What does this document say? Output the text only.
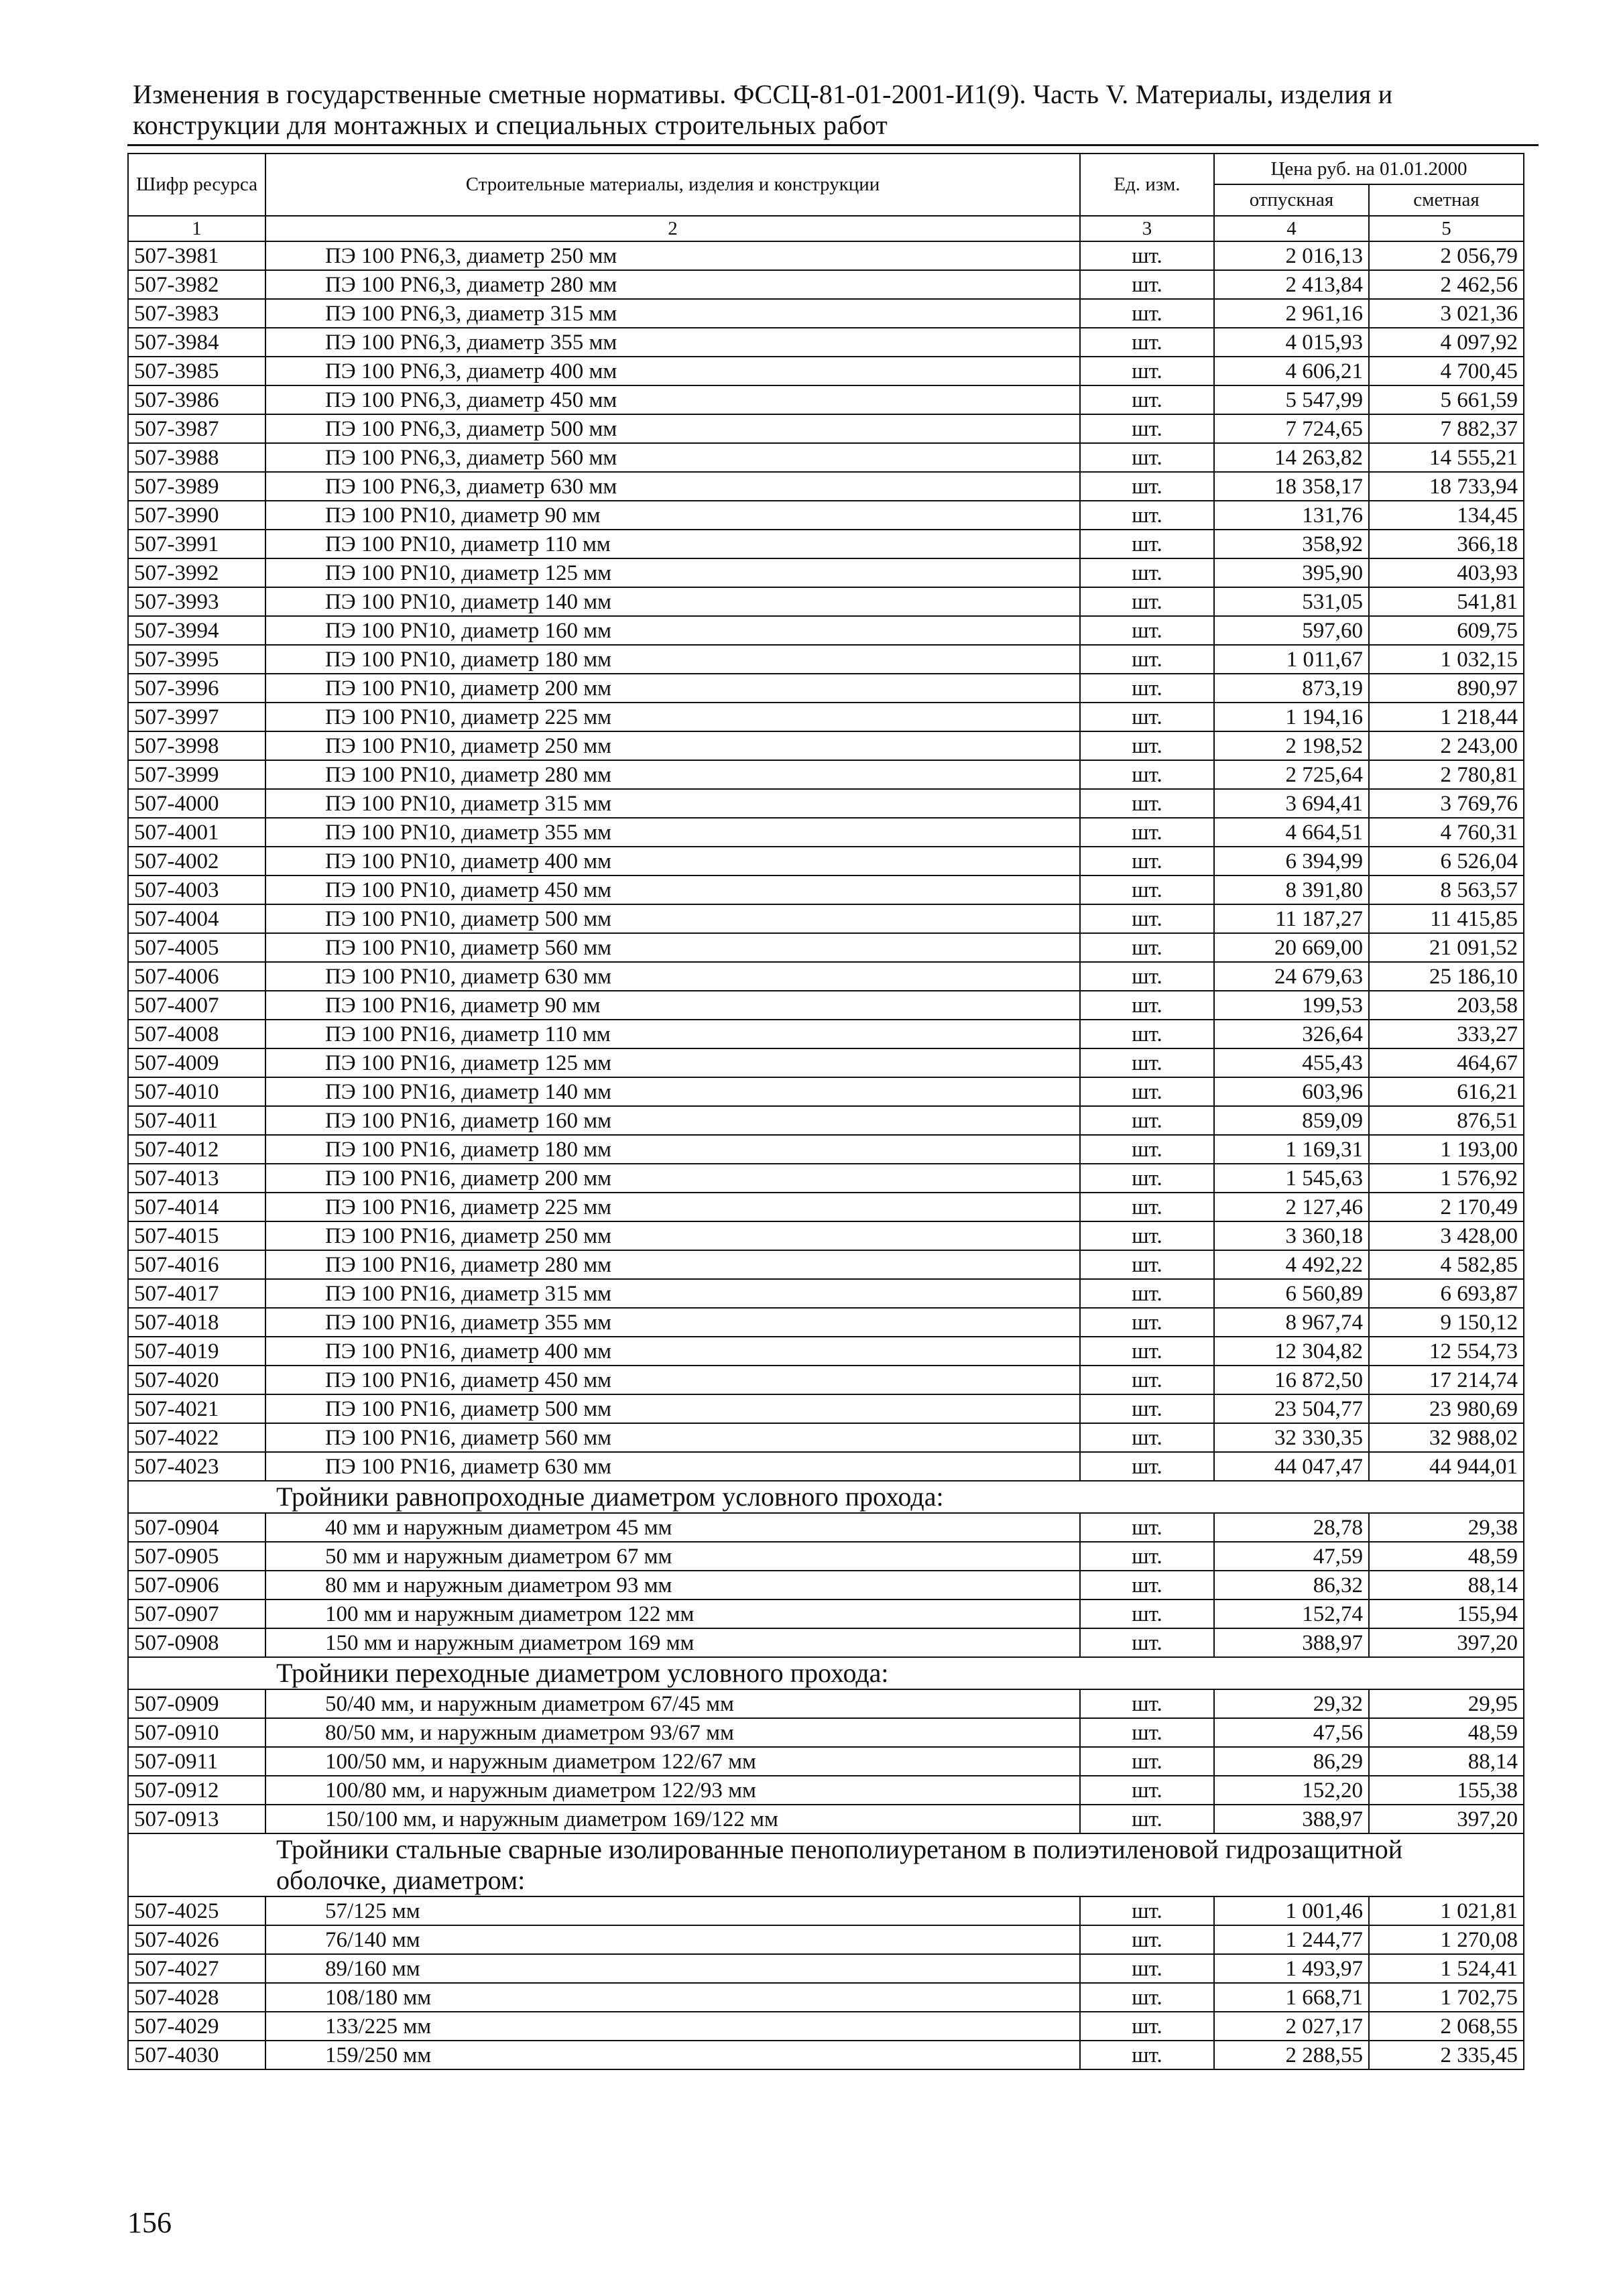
Изменения в государственные сметные нормативы. ФССЦ-81-01-2001-И1(9). Часть V. Материалы, изделия и
конструкции для монтажных и специальных строительных работ
Шифр ресурса	Строительные материалы, изделия и конструкции	Ед. изм.	Цена руб. на 01.01.2000	
			отпускная	сметная
1	2	3	4	5
507-3981	ПЭ 100 PN6,3, диаметр 250 мм	шт.	2 016,13	2 056,79
507-3982	ПЭ 100 PN6,3, диаметр 280 мм	шт.	2 413,84	2 462,56
507-3983	ПЭ 100 PN6,3, диаметр 315 мм	шт.	2 961,16	3 021,36
507-3984	ПЭ 100 PN6,3, диаметр 355 мм	шт.	4 015,93	4 097,92
507-3985	ПЭ 100 PN6,3, диаметр 400 мм	шт.	4 606,21	4 700,45
507-3986	ПЭ 100 PN6,3, диаметр 450 мм	шт.	5 547,99	5 661,59
507-3987	ПЭ 100 PN6,3, диаметр 500 мм	шт.	7 724,65	7 882,37
507-3988	ПЭ 100 PN6,3, диаметр 560 мм	шт.	14 263,82	14 555,21
507-3989	ПЭ 100 PN6,3, диаметр 630 мм	шт.	18 358,17	18 733,94
507-3990	ПЭ 100 PN10, диаметр 90 мм	шт.	131,76	134,45
507-3991	ПЭ 100 PN10, диаметр 110 мм	шт.	358,92	366,18
507-3992	ПЭ 100 PN10, диаметр 125 мм	шт.	395,90	403,93
507-3993	ПЭ 100 PN10, диаметр 140 мм	шт.	531,05	541,81
507-3994	ПЭ 100 PN10, диаметр 160 мм	шт.	597,60	609,75
507-3995	ПЭ 100 PN10, диаметр 180 мм	шт.	1 011,67	1 032,15
507-3996	ПЭ 100 PN10, диаметр 200 мм	шт.	873,19	890,97
507-3997	ПЭ 100 PN10, диаметр 225 мм	шт.	1 194,16	1 218,44
507-3998	ПЭ 100 PN10, диаметр 250 мм	шт.	2 198,52	2 243,00
507-3999	ПЭ 100 PN10, диаметр 280 мм	шт.	2 725,64	2 780,81
507-4000	ПЭ 100 PN10, диаметр 315 мм	шт.	3 694,41	3 769,76
507-4001	ПЭ 100 PN10, диаметр 355 мм	шт.	4 664,51	4 760,31
507-4002	ПЭ 100 PN10, диаметр 400 мм	шт.	6 394,99	6 526,04
507-4003	ПЭ 100 PN10, диаметр 450 мм	шт.	8 391,80	8 563,57
507-4004	ПЭ 100 PN10, диаметр 500 мм	шт.	11 187,27	11 415,85
507-4005	ПЭ 100 PN10, диаметр 560 мм	шт.	20 669,00	21 091,52
507-4006	ПЭ 100 PN10, диаметр 630 мм	шт.	24 679,63	25 186,10
507-4007	ПЭ 100 PN16, диаметр 90 мм	шт.	199,53	203,58
507-4008	ПЭ 100 PN16, диаметр 110 мм	шт.	326,64	333,27
507-4009	ПЭ 100 PN16, диаметр 125 мм	шт.	455,43	464,67
507-4010	ПЭ 100 PN16, диаметр 140 мм	шт.	603,96	616,21
507-4011	ПЭ 100 PN16, диаметр 160 мм	шт.	859,09	876,51
507-4012	ПЭ 100 PN16, диаметр 180 мм	шт.	1 169,31	1 193,00
507-4013	ПЭ 100 PN16, диаметр 200 мм	шт.	1 545,63	1 576,92
507-4014	ПЭ 100 PN16, диаметр 225 мм	шт.	2 127,46	2 170,49
507-4015	ПЭ 100 PN16, диаметр 250 мм	шт.	3 360,18	3 428,00
507-4016	ПЭ 100 PN16, диаметр 280 мм	шт.	4 492,22	4 582,85
507-4017	ПЭ 100 PN16, диаметр 315 мм	шт.	6 560,89	6 693,87
507-4018	ПЭ 100 PN16, диаметр 355 мм	шт.	8 967,74	9 150,12
507-4019	ПЭ 100 PN16, диаметр 400 мм	шт.	12 304,82	12 554,73
507-4020	ПЭ 100 PN16, диаметр 450 мм	шт.	16 872,50	17 214,74
507-4021	ПЭ 100 PN16, диаметр 500 мм	шт.	23 504,77	23 980,69
507-4022	ПЭ 100 PN16, диаметр 560 мм	шт.	32 330,35	32 988,02
507-4023	ПЭ 100 PN16, диаметр 630 мм	шт.	44 047,47	44 944,01
Тройники равнопроходные диаметром условного прохода:				
507-0904	40 мм и наружным диаметром 45 мм	шт.	28,78	29,38
507-0905	50 мм и наружным диаметром 67 мм	шт.	47,59	48,59
507-0906	80 мм и наружным диаметром 93 мм	шт.	86,32	88,14
507-0907	100 мм и наружным диаметром 122 мм	шт.	152,74	155,94
507-0908	150 мм и наружным диаметром 169 мм	шт.	388,97	397,20
Тройники переходные диаметром условного прохода:				
507-0909	50/40 мм, и наружным диаметром 67/45 мм	шт.	29,32	29,95
507-0910	80/50 мм, и наружным диаметром 93/67 мм	шт.	47,56	48,59
507-0911	100/50 мм, и наружным диаметром 122/67 мм	шт.	86,29	88,14
507-0912	100/80 мм, и наружным диаметром 122/93 мм	шт.	152,20	155,38
507-0913	150/100 мм, и наружным диаметром 169/122 мм	шт.	388,97	397,20
Тройники стальные сварные изолированные пенополиуретаном в полиэтиленовой гидрозащитной оболочке, диаметром:				
507-4025	57/125 мм	шт.	1 001,46	1 021,81
507-4026	76/140 мм	шт.	1 244,77	1 270,08
507-4027	89/160 мм	шт.	1 493,97	1 524,41
507-4028	108/180 мм	шт.	1 668,71	1 702,75
507-4029	133/225 мм	шт.	2 027,17	2 068,55
507-4030	159/250 мм	шт.	2 288,55	2 335,45
156
